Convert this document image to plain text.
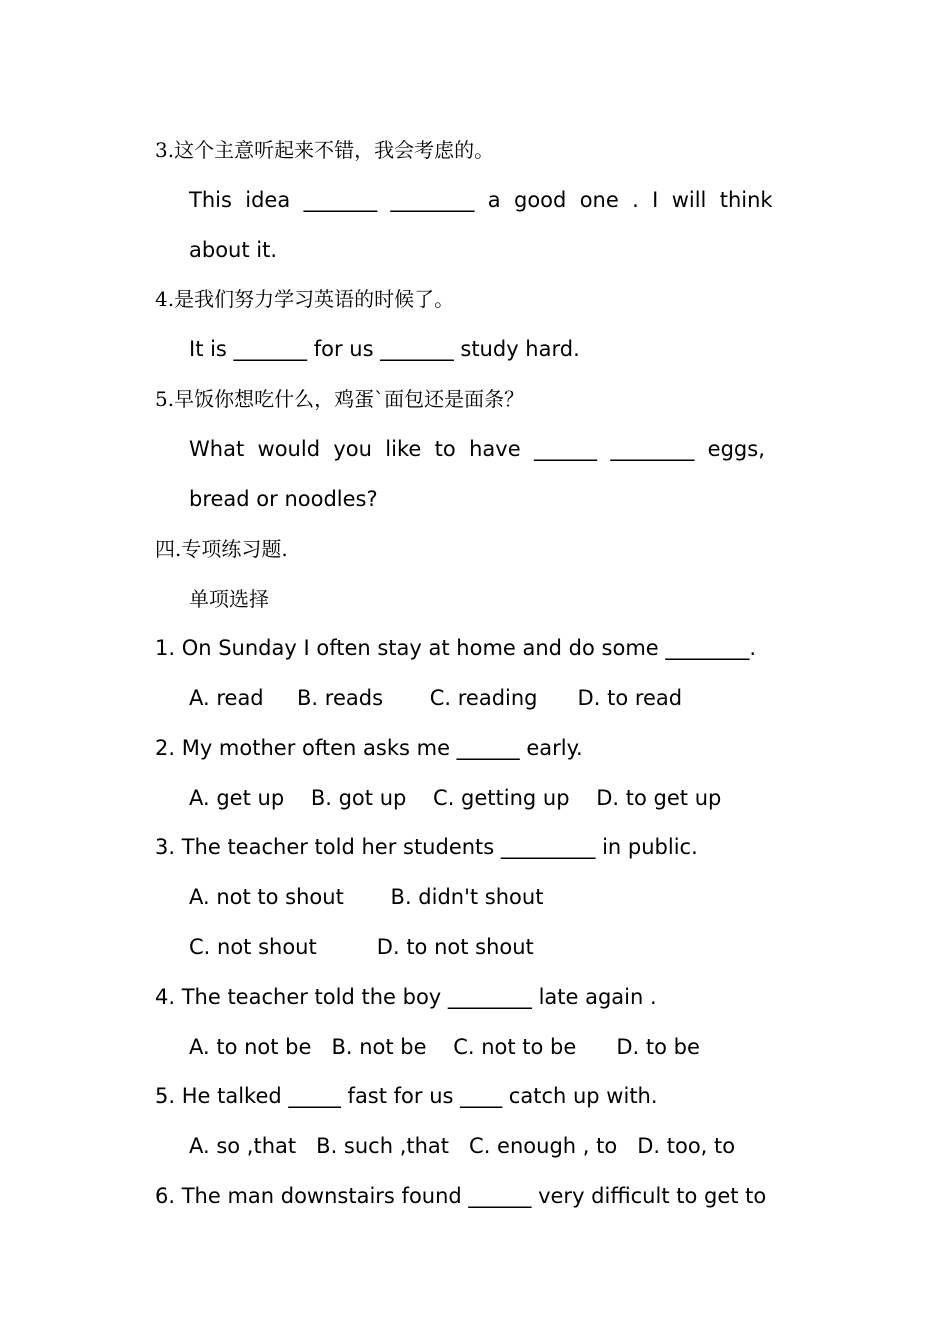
3.这个主意听起来不错，我会考虑的。
This  idea  _______  ________  a  good  one  .  I  will  think
about it.
4.是我们努力学习英语的时候了。
It is _______ for us _______ study hard.
5.早饭你想吃什么，鸡蛋`面包还是面条？
What  would  you  like  to  have  ______  ________  eggs,
bread or noodles?
四.专项练习题.
单项选择
1. On Sunday I often stay at home and do some ________.
A. read     B. reads       C. reading      D. to read
2. My mother often asks me ______ early.
A. get up    B. got up    C. getting up    D. to get up
3. The teacher told her students _________ in public.
A. not to shout       B. didn't shout
C. not shout         D. to not shout
4. The teacher told the boy ________ late again .
A. to not be   B. not be    C. not to be      D. to be
5. He talked _____ fast for us ____ catch up with.
A. so ,that   B. such ,that   C. enough , to   D. too, to
6. The man downstairs found ______ very difficult to get to
